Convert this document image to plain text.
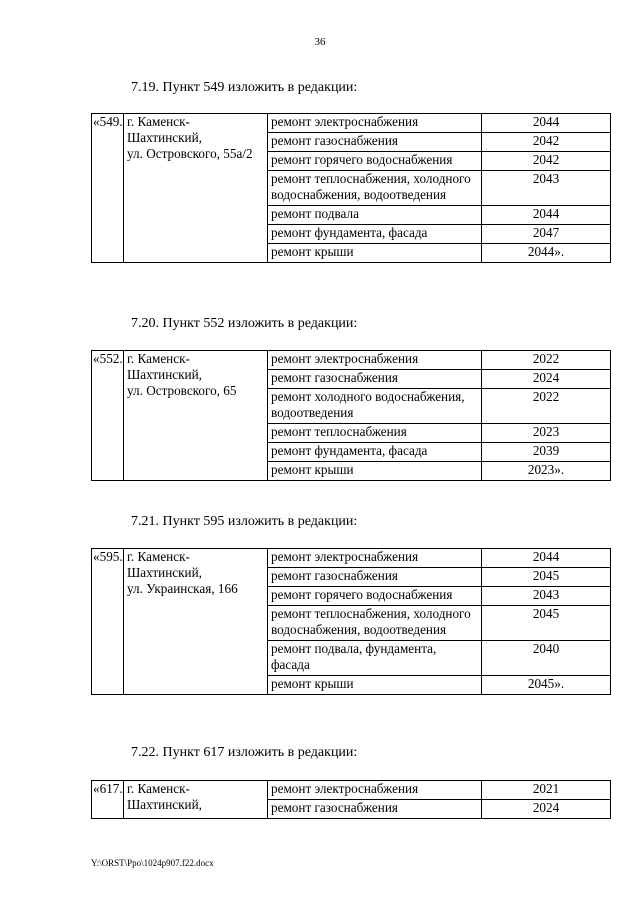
36
7.19. Пункт 549 изложить в редакции:
«549.	г. Каменск-
Шахтинский,
ул. Островского, 55а/2	ремонт электроснабжения	2044
		ремонт газоснабжения	2042
		ремонт горячего водоснабжения	2042
		ремонт теплоснабжения, холодного водоснабжения, водоотведения	2043
		ремонт подвала	2044
		ремонт фундамента, фасада	2047
		ремонт крыши	2044».
7.20. Пункт 552 изложить в редакции:
«552.	г. Каменск-
Шахтинский,
ул. Островского, 65	ремонт электроснабжения	2022
		ремонт газоснабжения	2024
		ремонт холодного водоснабжения, водоотведения	2022
		ремонт теплоснабжения	2023
		ремонт фундамента, фасада	2039
		ремонт крыши	2023».
7.21. Пункт 595 изложить в редакции:
«595.	г. Каменск-
Шахтинский,
ул. Украинская, 166	ремонт электроснабжения	2044
		ремонт газоснабжения	2045
		ремонт горячего водоснабжения	2043
		ремонт теплоснабжения, холодного водоснабжения, водоотведения	2045
		ремонт подвала, фундамента, фасада	2040
		ремонт крыши	2045».
7.22. Пункт 617 изложить в редакции:
«617.	г. Каменск-
Шахтинский,	ремонт электроснабжения	2021
		ремонт газоснабжения	2024
Y:\ORST\Ppo\1024p907.f22.docx
